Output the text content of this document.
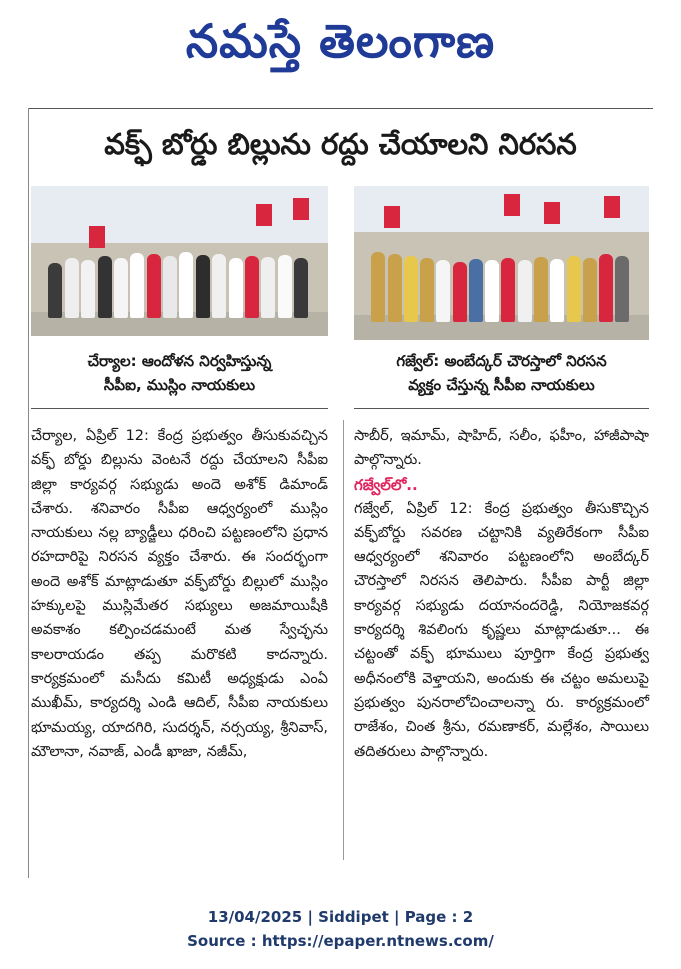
నమస్తే తెలంగాణ
వక్ఫ్ బోర్డు బిల్లును రద్దు చేయాలని నిరసన
చేర్యాల: ఆందోళన నిర్వహిస్తున్న
సీపీఐ, ముస్లిం నాయకులు
గజ్వేల్: అంబేద్కర్ చౌరస్తాలో నిరసన
వ్యక్తం చేస్తున్న సీపీఐ నాయకులు

చేర్యాల, ఏప్రిల్ 12: కేంద్ర ప్రభుత్వం తీసుకువచ్చిన వక్ఫ్ బోర్డు బిల్లును వెంటనే రద్దు చేయాలని సీపీఐ జిల్లా కార్యవర్గ సభ్యుడు అందె అశోక్ డిమాండ్ చేశారు. శనివారం సీపీఐ ఆధ్వర్యంలో ముస్లిం నాయకులు నల్ల బ్యాడ్జీలు ధరించి పట్టణంలోని ప్రధాన రహదారిపై నిరసన వ్యక్తం చేశారు. ఈ సందర్భంగా అందె అశోక్ మాట్లాడుతూ వక్ఫ్‌బోర్డు బిల్లులో ముస్లిం హక్కులపై ముస్లిమేతర సభ్యులు అజమాయిషీకి అవకాశం కల్పించడమంటే మత స్వేచ్ఛను కాలరాయడం తప్ప మరొకటి కాదన్నారు. కార్యక్రమంలో మసీదు కమిటీ అధ్యక్షుడు ఎంఏ ముఖీమ్, కార్యదర్శి ఎండి ఆదిల్, సీపీఐ నాయకులు భూమయ్య, యాదగిరి, సుదర్శన్, నర్సయ్య, శ్రీనివాస్, మౌలానా, నవాజ్, ఎండీ ఖాజా, నజీమ్,

సాబీర్, ఇమామ్, షాహిద్, సలీం, ఫహీం, హాజీపాషా పాల్గొన్నారు.

గజ్వేల్‌లో..

గజ్వేల్, ఏప్రిల్ 12: కేంద్ర ప్రభుత్వం తీసుకొచ్చిన వక్ఫ్‌బోర్డు సవరణ చట్టానికి వ్యతిరేకంగా సీపీఐ ఆధ్వర్యంలో శనివారం పట్టణంలోని అంబేద్కర్ చౌరస్తాలో నిరసన తెలిపారు. సీపీఐ పార్టీ జిల్లా కార్యవర్గ సభ్యుడు దయానందరెడ్డి, నియోజకవర్గ కార్యదర్శి శివలింగు కృష్ణలు మాట్లాడుతూ... ఈ చట్టంతో వక్ఫ్ భూములు పూర్తిగా కేంద్ర ప్రభుత్వ అధీనంలోకి వెళ్తాయని, అందుకు ఈ చట్టం అమలుపై ప్రభుత్వం పునరాలోచించాలన్నా రు. కార్యక్రమంలో రాజేశం, చింత శ్రీను, రమణాకర్, మల్లేశం, సాయిలు తదితరులు పాల్గొన్నారు.

13/04/2025 | Siddipet | Page : 2
Source : https://epaper.ntnews.com/
